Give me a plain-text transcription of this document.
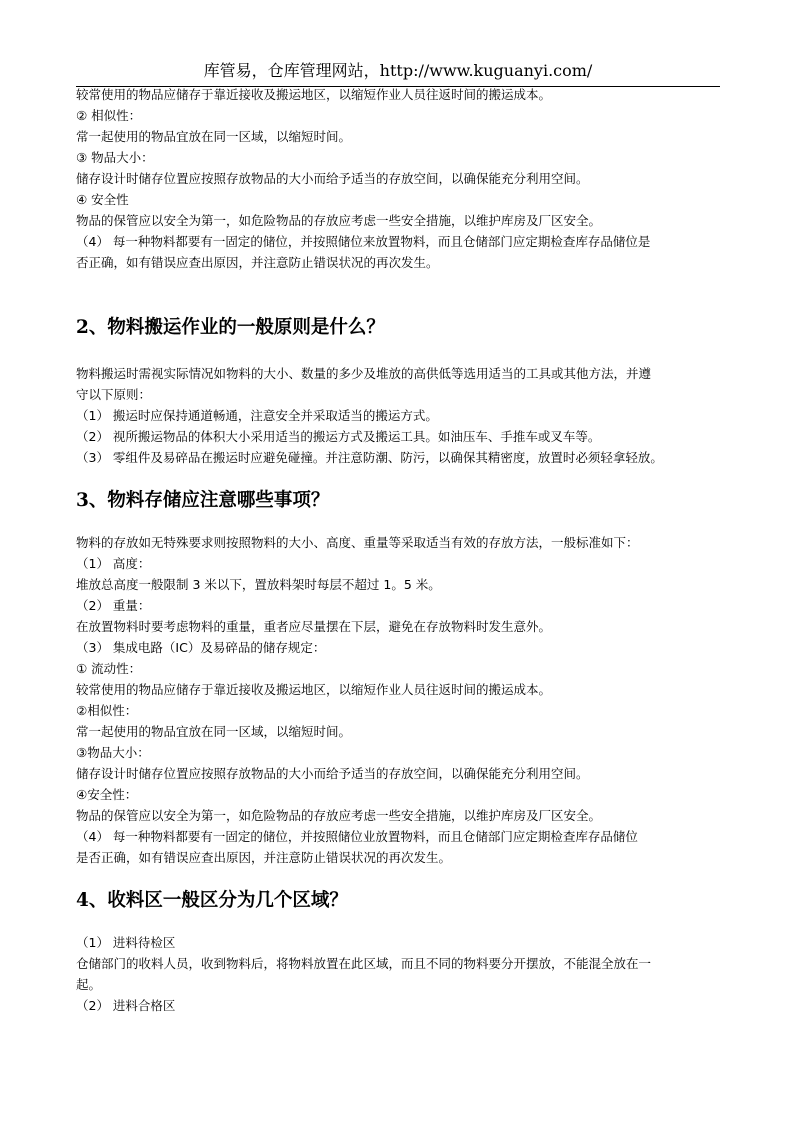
库管易，仓库管理网站，http://www.kuguanyi.com/
较常使用的物品应储存于靠近接收及搬运地区，以缩短作业人员往返时间的搬运成本。
② 相似性：
常一起使用的物品宜放在同一区域，以缩短时间。
③ 物品大小：
储存设计时储存位置应按照存放物品的大小而给予适当的存放空间，以确保能充分利用空间。
④ 安全性
物品的保管应以安全为第一，如危险物品的存放应考虑一些安全措施，以维护库房及厂区安全。
（4） 每一种物料都要有一固定的储位，并按照储位来放置物料，而且仓储部门应定期检查库存品储位是
否正确，如有错误应查出原因，并注意防止错误状况的再次发生。
2、物料搬运作业的一般原则是什么？
物料搬运时需视实际情况如物料的大小、数量的多少及堆放的高供低等选用适当的工具或其他方法，并遵
守以下原则：
（1） 搬运时应保持通道畅通，注意安全并采取适当的搬运方式。
（2） 视所搬运物品的体积大小采用适当的搬运方式及搬运工具。如油压车、手推车或叉车等。
（3） 零组件及易碎品在搬运时应避免碰撞。并注意防潮、防污，以确保其精密度，放置时必须轻拿轻放。
3、物料存储应注意哪些事项？
物料的存放如无特殊要求则按照物料的大小、高度、重量等采取适当有效的存放方法，一般标准如下：
（1） 高度：
堆放总高度一般限制 3 米以下，置放料架时每层不超过 1。5 米。
（2） 重量：
在放置物料时要考虑物料的重量，重者应尽量摆在下层，避免在存放物料时发生意外。
（3） 集成电路（IC）及易碎品的储存规定：
① 流动性：
较常使用的物品应储存于靠近接收及搬运地区，以缩短作业人员往返时间的搬运成本。
②相似性：
常一起使用的物品宜放在同一区域，以缩短时间。
③物品大小：
储存设计时储存位置应按照存放物品的大小而给予适当的存放空间，以确保能充分利用空间。
④安全性：
物品的保管应以安全为第一，如危险物品的存放应考虑一些安全措施，以维护库房及厂区安全。
（4） 每一种物料都要有一固定的储位，并按照储位业放置物料，而且仓储部门应定期检查库存品储位
是否正确，如有错误应查出原因，并注意防止错误状况的再次发生。
4、收料区一般区分为几个区域？
（1） 进料待检区
仓储部门的收料人员，收到物料后，将物料放置在此区域，而且不同的物料要分开摆放，不能混全放在一
起。
（2） 进料合格区
